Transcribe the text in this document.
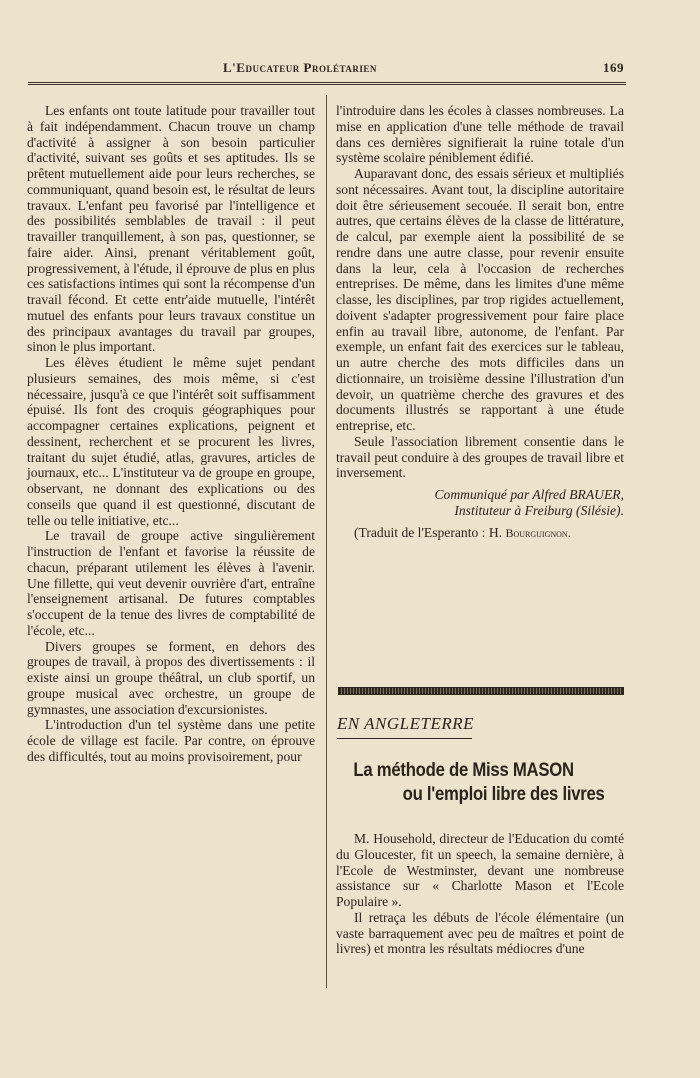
L'Educateur Prolétarien	169

Les enfants ont toute latitude pour travailler tout à fait indépendamment. Chacun trouve un champ d'activité à assigner à son besoin particulier d'activité, suivant ses goûts et ses aptitudes. Ils se prêtent mutuellement aide pour leurs recherches, se communiquant, quand besoin est, le résultat de leurs travaux. L'enfant peu favorisé par l'intelligence et des possibilités semblables de travail : il peut travailler tranquillement, à son pas, questionner, se faire aider. Ainsi, prenant véritablement goût, progressivement, à l'étude, il éprouve de plus en plus ces satisfactions intimes qui sont la récompense d'un travail fécond. Et cette entr'aide mutuelle, l'intérêt mutuel des enfants pour leurs travaux constitue un des principaux avantages du travail par groupes, sinon le plus important.

Les élèves étudient le même sujet pendant plusieurs semaines, des mois même, si c'est nécessaire, jusqu'à ce que l'intérêt soit suffisamment épuisé. Ils font des croquis géographiques pour accompagner certaines explications, peignent et dessinent, recherchent et se procurent les livres, traitant du sujet étudié, atlas, gravures, articles de journaux, etc... L'instituteur va de groupe en groupe, observant, ne donnant des explications ou des conseils que quand il est questionné, discutant de telle ou telle initiative, etc...

Le travail de groupe active singulièrement l'instruction de l'enfant et favorise la réussite de chacun, préparant utilement les élèves à l'avenir. Une fillette, qui veut devenir ouvrière d'art, entraîne l'enseignement artisanal. De futures comptables s'occupent de la tenue des livres de comptabilité de l'école, etc...

Divers groupes se forment, en dehors des groupes de travail, à propos des divertissements : il existe ainsi un groupe théâtral, un club sportif, un groupe musical avec orchestre, un groupe de gymnastes, une association d'excursionistes.

L'introduction d'un tel système dans une petite école de village est facile. Par contre, on éprouve des difficultés, tout au moins provisoirement, pour

l'introduire dans les écoles à classes nombreuses. La mise en application d'une telle méthode de travail dans ces dernières signifierait la ruine totale d'un système scolaire péniblement édifié.

Auparavant donc, des essais sérieux et multipliés sont nécessaires. Avant tout, la discipline autoritaire doit être sérieusement secouée. Il serait bon, entre autres, que certains élèves de la classe de littérature, de calcul, par exemple aient la possibilité de se rendre dans une autre classe, pour revenir ensuite dans la leur, cela à l'occasion de recherches entreprises. De même, dans les limites d'une même classe, les disciplines, par trop rigides actuellement, doivent s'adapter progressivement pour faire place enfin au travail libre, autonome, de l'enfant. Par exemple, un enfant fait des exercices sur le tableau, un autre cherche des mots difficiles dans un dictionnaire, un troisième dessine l'illustration d'un devoir, un quatrième cherche des gravures et des documents illustrés se rapportant à une étude entreprise, etc.

Seule l'association librement consentie dans le travail peut conduire à des groupes de travail libre et inversement.

Communiqué par Alfred BRAUER,
Instituteur à Freiburg (Silésie).
(Traduit de l'Esperanto : H. Bourguignon.
EN ANGLETERRE
La méthode de Miss MASON
ou l'emploi libre des livres

M. Household, directeur de l'Education du comté du Gloucester, fit un speech, la semaine dernière, à l'Ecole de Westminster, devant une nombreuse assistance sur « Charlotte Mason et l'Ecole Populaire ».

Il retraça les débuts de l'école élémentaire (un vaste barraquement avec peu de maîtres et point de livres) et montra les résultats médiocres d'une
